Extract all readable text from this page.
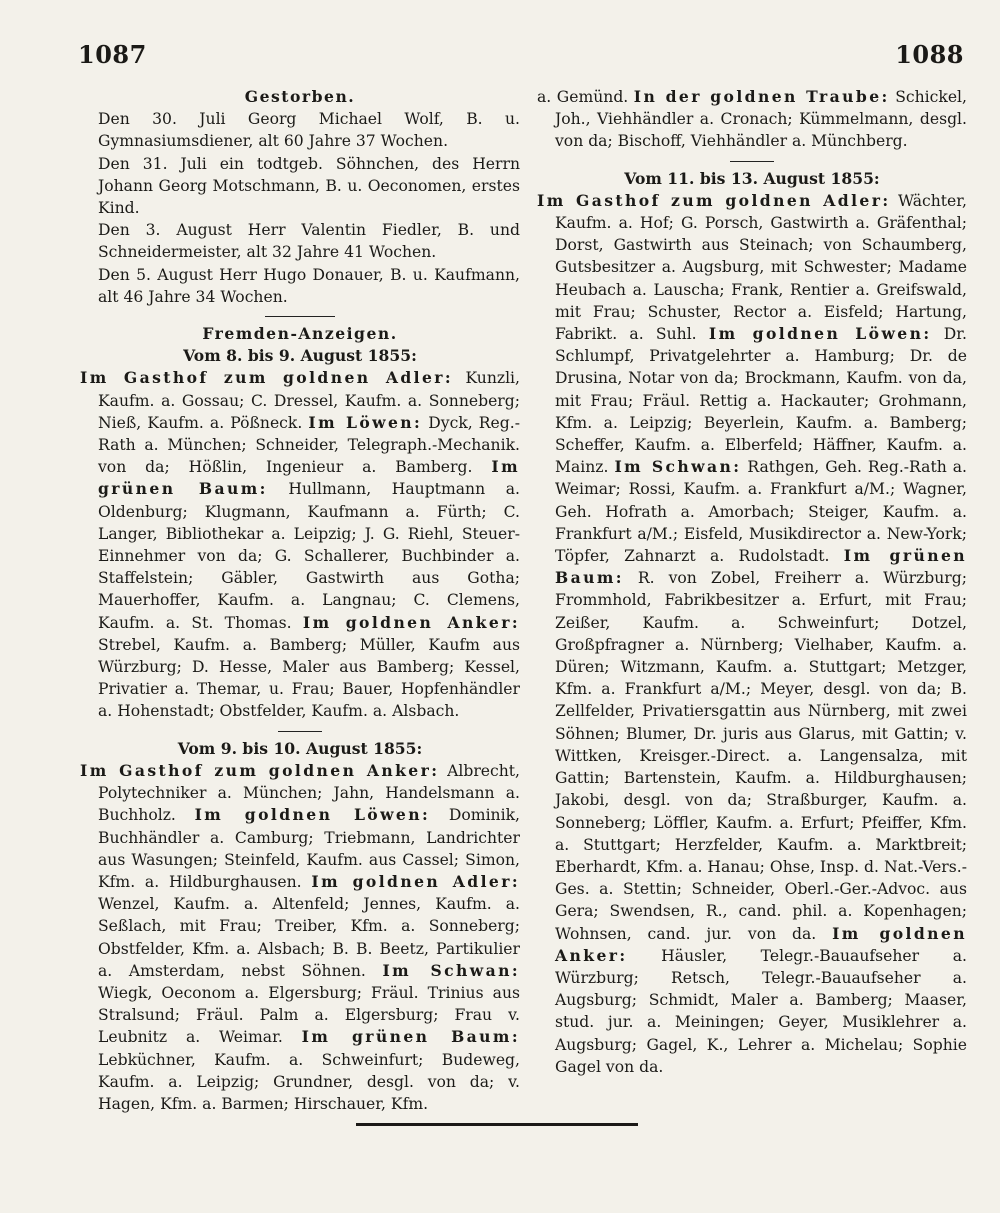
1087	1088

Gestorben.

Den 30. Juli Georg Michael Wolf, B. u. Gymnasiumsdiener, alt 60 Jahre 37 Wochen.

Den 31. Juli ein todtgeb. Söhnchen, des Herrn Johann Georg Motschmann, B. u. Oeconomen, erstes Kind.

Den 3. August Herr Valentin Fiedler, B. und Schneidermeister, alt 32 Jahre 41 Wochen.

Den 5. August Herr Hugo Donauer, B. u. Kaufmann, alt 46 Jahre 34 Wochen.

Fremden-Anzeigen.

Vom 8. bis 9. August 1855:

Im Gasthof zum goldnen Adler: Kunzli, Kaufm. a. Gossau; C. Dressel, Kaufm. a. Sonneberg; Nieß, Kaufm. a. Pößneck. Im Löwen: Dyck, Reg.-Rath a. München; Schneider, Telegraph.-Mechanik. von da; Hößlin, Ingenieur a. Bamberg. Im grünen Baum: Hullmann, Hauptmann a. Oldenburg; Klugmann, Kaufmann a. Fürth; C. Langer, Bibliothekar a. Leipzig; J. G. Riehl, Steuer-Einnehmer von da; G. Schallerer, Buchbinder a. Staffelstein; Gäbler, Gastwirth aus Gotha; Mauerhoffer, Kaufm. a. Langnau; C. Clemens, Kaufm. a. St. Thomas. Im goldnen Anker: Strebel, Kaufm. a. Bamberg; Müller, Kaufm aus Würzburg; D. Hesse, Maler aus Bamberg; Kessel, Privatier a. Themar, u. Frau; Bauer, Hopfenhändler a. Hohenstadt; Obstfelder, Kaufm. a. Alsbach.

Vom 9. bis 10. August 1855:

Im Gasthof zum goldnen Anker: Albrecht, Polytechniker a. München; Jahn, Handelsmann a. Buchholz. Im goldnen Löwen: Dominik, Buchhändler a. Camburg; Triebmann, Landrichter aus Wasungen; Steinfeld, Kaufm. aus Cassel; Simon, Kfm. a. Hildburghausen. Im goldnen Adler: Wenzel, Kaufm. a. Altenfeld; Jennes, Kaufm. a. Seßlach, mit Frau; Treiber, Kfm. a. Sonneberg; Obstfelder, Kfm. a. Alsbach; B. B. Beetz, Partikulier a. Amsterdam, nebst Söhnen. Im Schwan: Wiegk, Oeconom a. Elgersburg; Fräul. Trinius aus Stralsund; Fräul. Palm a. Elgersburg; Frau v. Leubnitz a. Weimar. Im grünen Baum: Lebküchner, Kaufm. a. Schweinfurt; Budeweg, Kaufm. a. Leipzig; Grundner, desgl. von da; v. Hagen, Kfm. a. Barmen; Hirschauer, Kfm.

a. Gemünd. In der goldnen Traube: Schickel, Joh., Viehhändler a. Cronach; Kümmelmann, desgl. von da; Bischoff, Viehhändler a. Münchberg.

Vom 11. bis 13. August 1855:

Im Gasthof zum goldnen Adler: Wächter, Kaufm. a. Hof; G. Porsch, Gastwirth a. Gräfenthal; Dorst, Gastwirth aus Steinach; von Schaumberg, Gutsbesitzer a. Augsburg, mit Schwester; Madame Heubach a. Lauscha; Frank, Rentier a. Greifswald, mit Frau; Schuster, Rector a. Eisfeld; Hartung, Fabrikt. a. Suhl. Im goldnen Löwen: Dr. Schlumpf, Privatgelehrter a. Hamburg; Dr. de Drusina, Notar von da; Brockmann, Kaufm. von da, mit Frau; Fräul. Rettig a. Hackauter; Grohmann, Kfm. a. Leipzig; Beyerlein, Kaufm. a. Bamberg; Scheffer, Kaufm. a. Elberfeld; Häffner, Kaufm. a. Mainz. Im Schwan: Rathgen, Geh. Reg.-Rath a. Weimar; Rossi, Kaufm. a. Frankfurt a/M.; Wagner, Geh. Hofrath a. Amorbach; Steiger, Kaufm. a. Frankfurt a/M.; Eisfeld, Musikdirector a. New-York; Töpfer, Zahnarzt a. Rudolstadt. Im grünen Baum: R. von Zobel, Freiherr a. Würzburg; Frommhold, Fabrikbesitzer a. Erfurt, mit Frau; Zeißer, Kaufm. a. Schweinfurt; Dotzel, Großpfragner a. Nürnberg; Vielhaber, Kaufm. a. Düren; Witzmann, Kaufm. a. Stuttgart; Metzger, Kfm. a. Frankfurt a/M.; Meyer, desgl. von da; B. Zellfelder, Privatiersgattin aus Nürnberg, mit zwei Söhnen; Blumer, Dr. juris aus Glarus, mit Gattin; v. Wittken, Kreisger.-Direct. a. Langensalza, mit Gattin; Bartenstein, Kaufm. a. Hildburghausen; Jakobi, desgl. von da; Straßburger, Kaufm. a. Sonneberg; Löffler, Kaufm. a. Erfurt; Pfeiffer, Kfm. a. Stuttgart; Herzfelder, Kaufm. a. Marktbreit; Eberhardt, Kfm. a. Hanau; Ohse, Insp. d. Nat.-Vers.-Ges. a. Stettin; Schneider, Oberl.-Ger.-Advoc. aus Gera; Swendsen, R., cand. phil. a. Kopenhagen; Wohnsen, cand. jur. von da. Im goldnen Anker: Häusler, Telegr.-Bauaufseher a. Würzburg; Retsch, Telegr.-Bauaufseher a. Augsburg; Schmidt, Maler a. Bamberg; Maaser, stud. jur. a. Meiningen; Geyer, Musiklehrer a. Augsburg; Gagel, K., Lehrer a. Michelau; Sophie Gagel von da.
